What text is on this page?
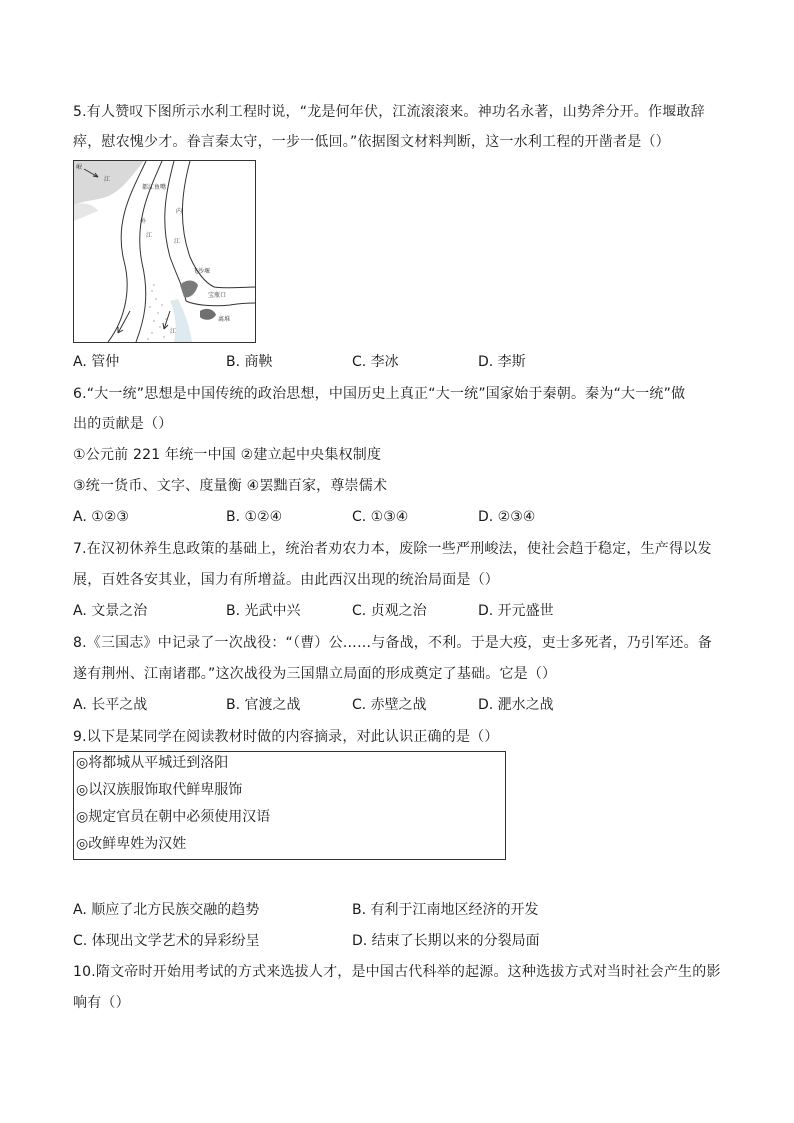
5.有人赞叹下图所示水利工程时说，“龙是何年伏，江流滚滚来。神功名永著，山势斧分开。作堰敢辞
瘁，慰农愧少才。眷言秦太守，一步一低回。”依据图文材料判断，这一水利工程的开凿者是（）
岷
江
都江鱼嘴
外
江
内
江
飞沙堰
宝瓶口
离堆
江
A. 管仲	B. 商鞅	C. 李冰	D. 李斯
6.“大一统”思想是中国传统的政治思想，中国历史上真正“大一统”国家始于秦朝。秦为“大一统”做
出的贡献是（）
①公元前 221 年统一中国 ②建立起中央集权制度
③统一货币、文字、度量衡 ④罢黜百家，尊崇儒术
A. ①②③	B. ①②④	C. ①③④	D. ②③④
7.在汉初休养生息政策的基础上，统治者劝农力本，废除一些严刑峻法，使社会趋于稳定，生产得以发
展，百姓各安其业，国力有所增益。由此西汉出现的统治局面是（）
A. 文景之治	B. 光武中兴	C. 贞观之治	D. 开元盛世
8.《三国志》中记录了一次战役：“（曹）公……与备战，不利。于是大疫，吏士多死者，乃引军还。备
遂有荆州、江南诸郡。”这次战役为三国鼎立局面的形成奠定了基础。它是（）
A. 长平之战	B. 官渡之战	C. 赤壁之战	D. 淝水之战
9.以下是某同学在阅读教材时做的内容摘录，对此认识正确的是（）
◎将都城从平城迁到洛阳
◎以汉族服饰取代鲜卑服饰
◎规定官员在朝中必须使用汉语
◎改鲜卑姓为汉姓
A. 顺应了北方民族交融的趋势	B. 有利于江南地区经济的开发
C. 体现出文学艺术的异彩纷呈	D. 结束了长期以来的分裂局面
10.隋文帝时开始用考试的方式来选拔人才，是中国古代科举的起源。这种选拔方式对当时社会产生的影
响有（）
